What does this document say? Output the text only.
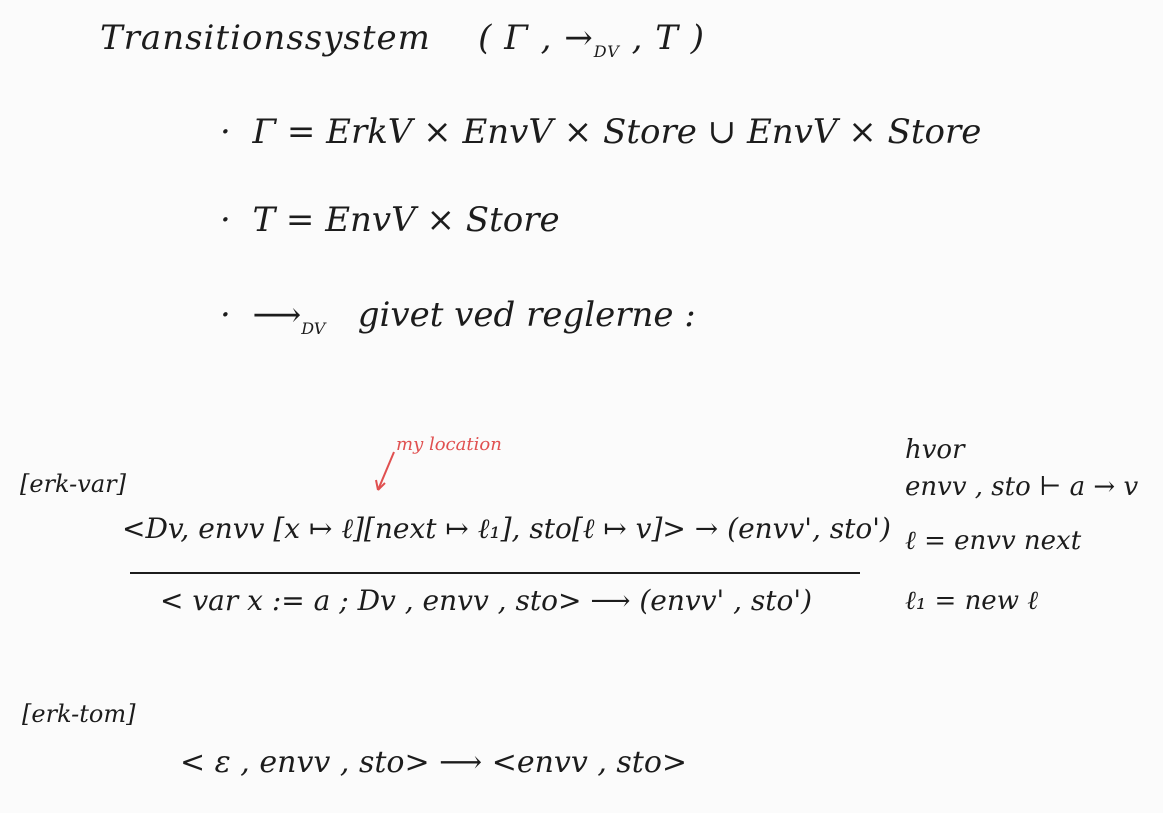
Transitionssystem ( Γ , $\to_{DV}$ , T )
· Γ = ErkV × EnvV × Store ∪ EnvV × Store
· T = EnvV × Store
· $⟶_{DV}$ givet ved reglerne :
[erk-var]
my location
<Dv, envv [x ↦ ℓ][next ↦ ℓ₁], sto[ℓ ↦ v]> → (envv', sto')
< var x := a ; Dv , envv , sto> ⟶ (envv' , sto')
hvor
envv , sto ⊢ a → v
ℓ = envv next
ℓ₁ = new ℓ
[erk-tom]
< ε , envv , sto> ⟶ <envv , sto>
